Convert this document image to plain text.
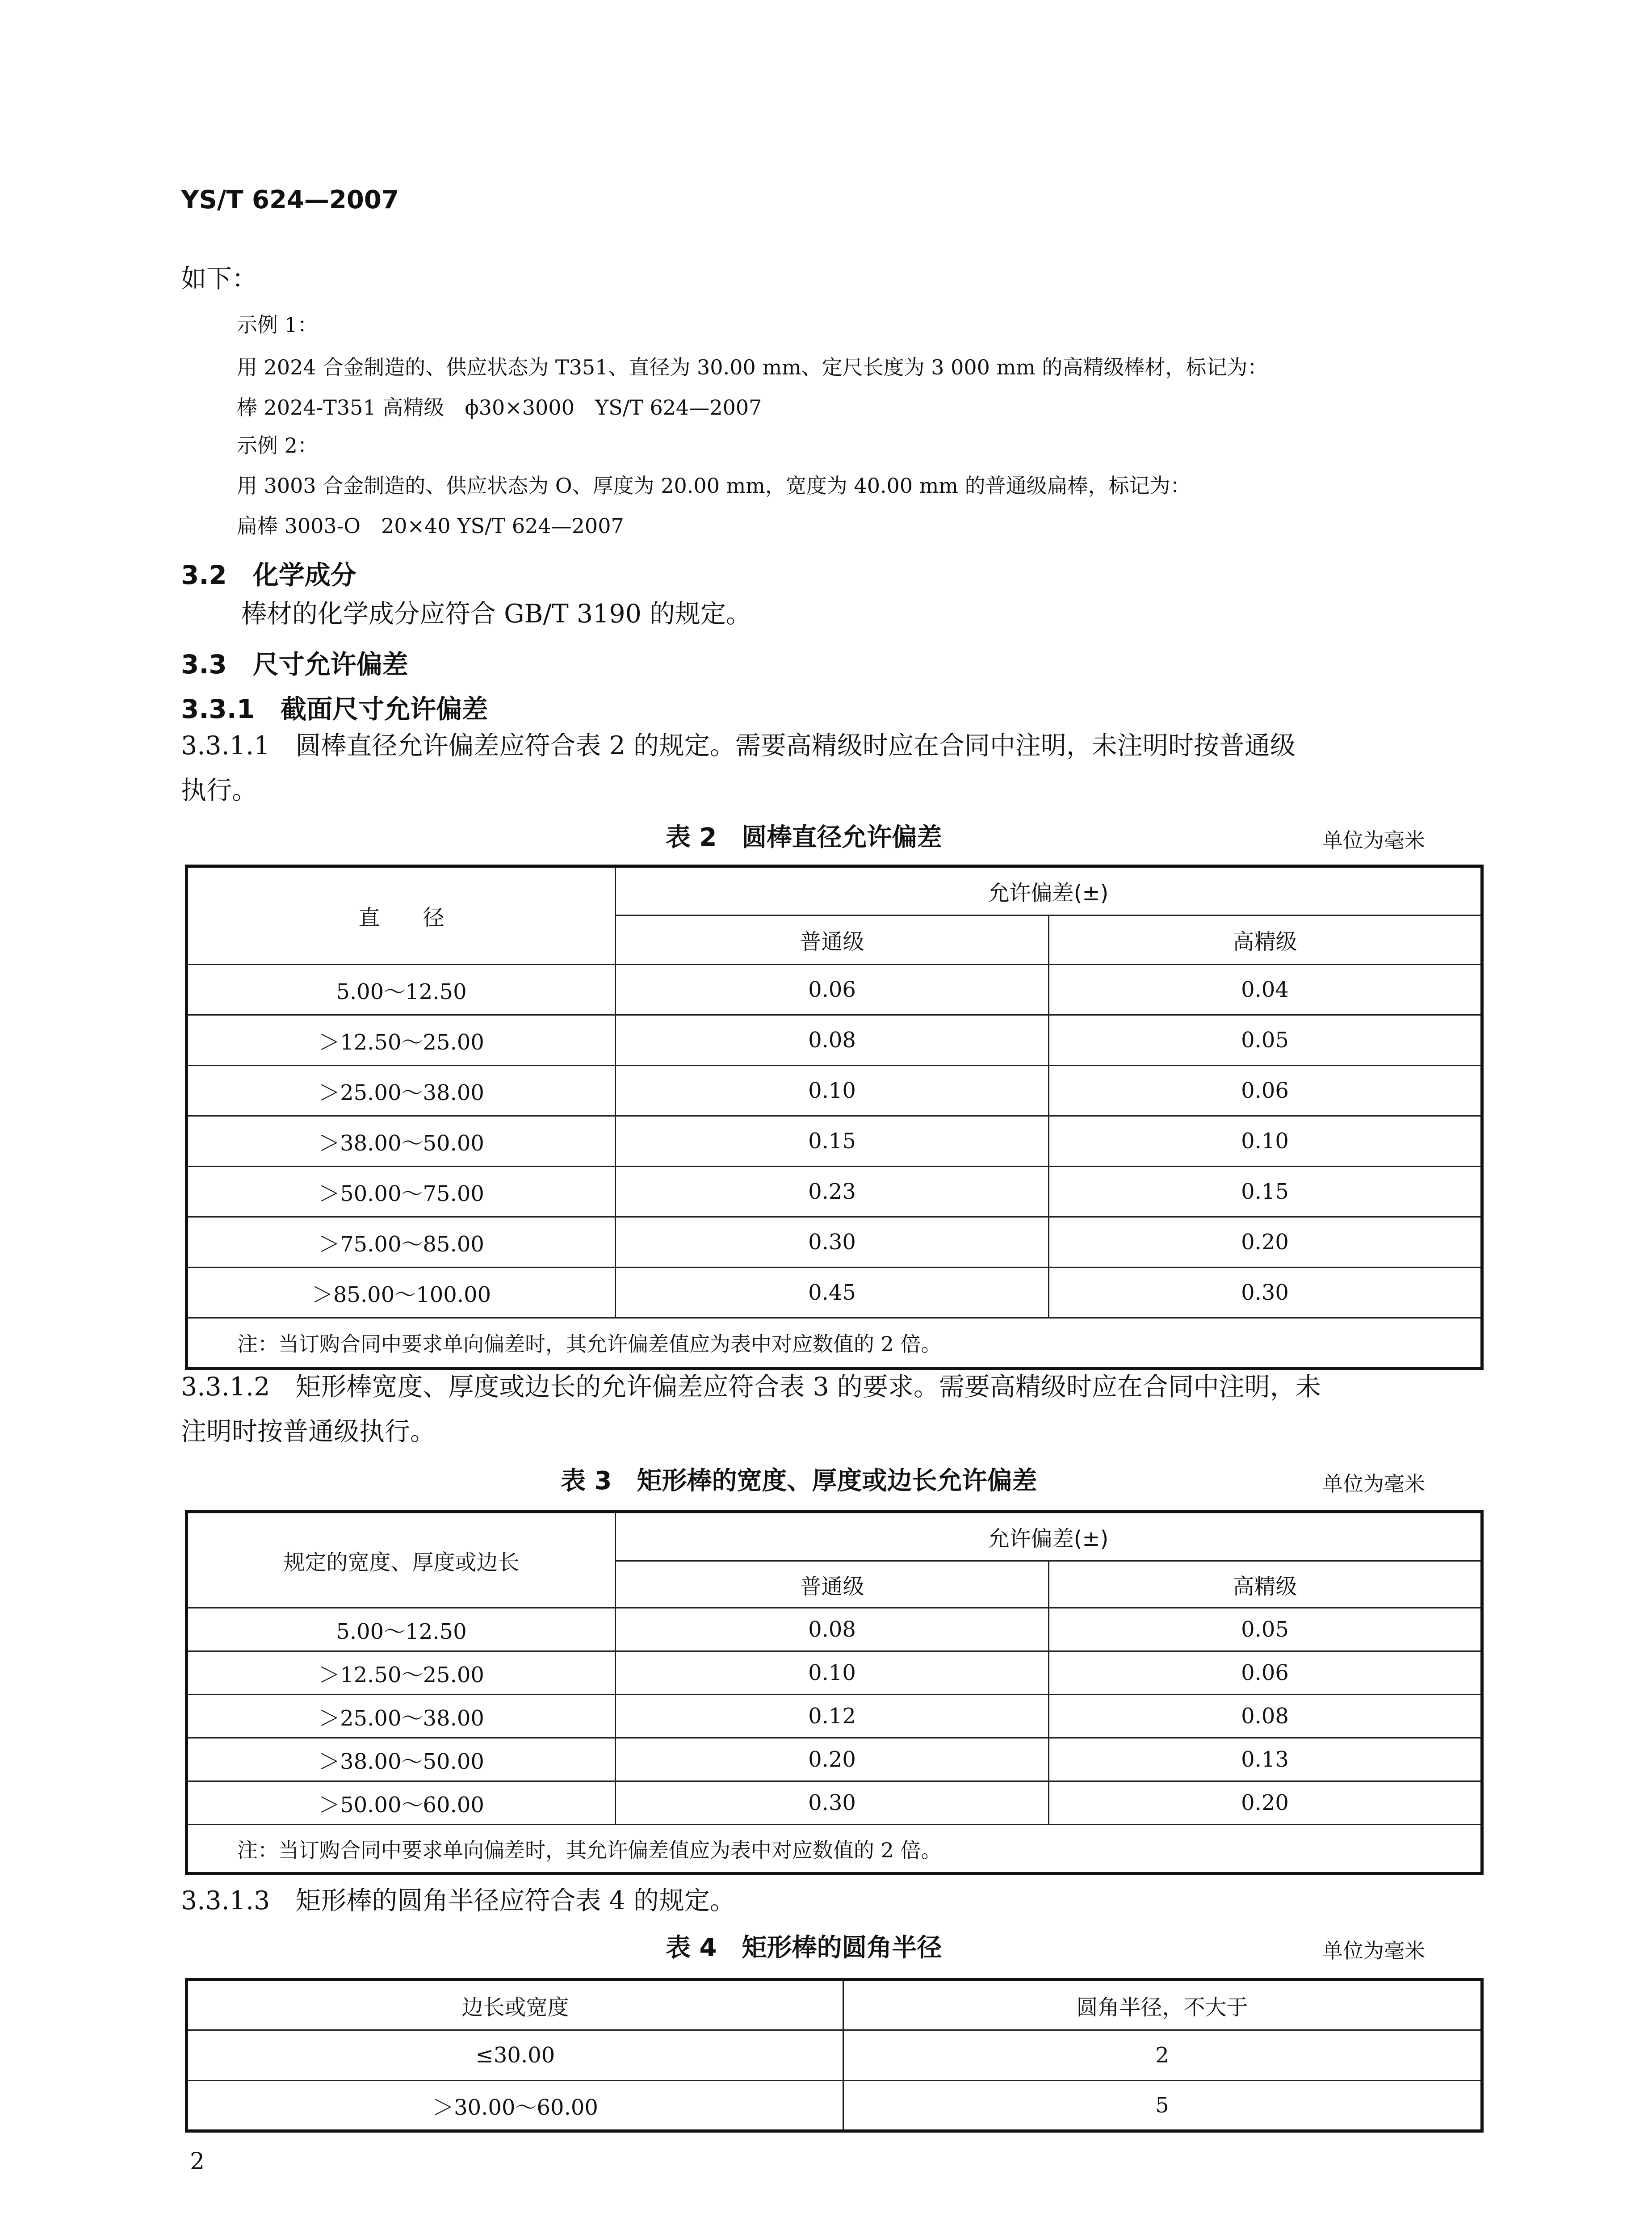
YS/T 624—2007
如下：
示例 1：
用 2024 合金制造的、供应状态为 T351、直径为 30.00 mm、定尺长度为 3 000 mm 的高精级棒材，标记为：
棒 2024-T351 高精级　ϕ30×3000　YS/T 624—2007
示例 2：
用 3003 合金制造的、供应状态为 O、厚度为 20.00 mm，宽度为 40.00 mm 的普通级扁棒，标记为：
扁棒 3003-O　20×40 YS/T 624—2007
3.2　化学成分
棒材的化学成分应符合 GB/T 3190 的规定。
3.3　尺寸允许偏差
3.3.1　截面尺寸允许偏差
3.3.1.1　圆棒直径允许偏差应符合表 2 的规定。需要高精级时应在合同中注明，未注明时按普通级
执行。
表 2　圆棒直径允许偏差	单位为毫米
直　　径	允许偏差(±)	
	普通级	高精级
5.00～12.50	0.06	0.04
＞12.50～25.00	0.08	0.05
＞25.00～38.00	0.10	0.06
＞38.00～50.00	0.15	0.10
＞50.00～75.00	0.23	0.15
＞75.00～85.00	0.30	0.20
＞85.00～100.00	0.45	0.30
注：当订购合同中要求单向偏差时，其允许偏差值应为表中对应数值的 2 倍。		
3.3.1.2　矩形棒宽度、厚度或边长的允许偏差应符合表 3 的要求。需要高精级时应在合同中注明，未
注明时按普通级执行。
表 3　矩形棒的宽度、厚度或边长允许偏差	单位为毫米
规定的宽度、厚度或边长	允许偏差(±)	
	普通级	高精级
5.00～12.50	0.08	0.05
＞12.50～25.00	0.10	0.06
＞25.00～38.00	0.12	0.08
＞38.00～50.00	0.20	0.13
＞50.00～60.00	0.30	0.20
注：当订购合同中要求单向偏差时，其允许偏差值应为表中对应数值的 2 倍。		
3.3.1.3　矩形棒的圆角半径应符合表 4 的规定。
表 4　矩形棒的圆角半径	单位为毫米
边长或宽度	圆角半径，不大于
≤30.00	2
＞30.00～60.00	5
2
